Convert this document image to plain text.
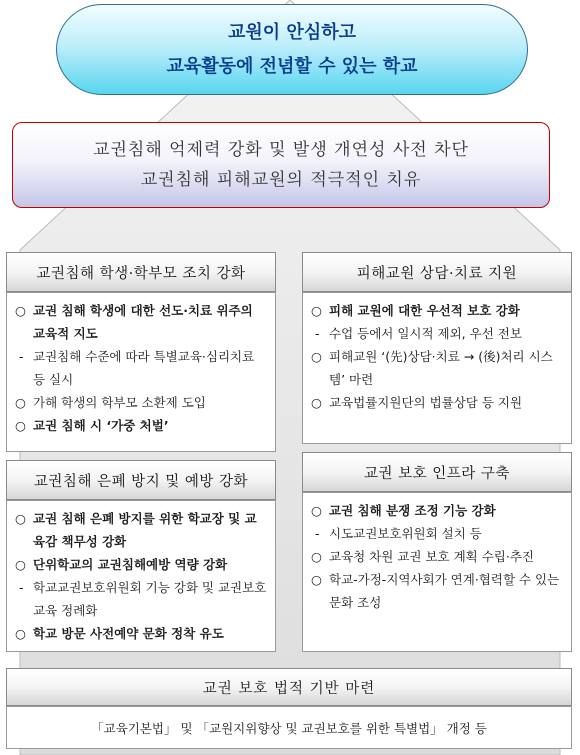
교원이 안심하고
교육활동에 전념할 수 있는 학교
교권침해 억제력 강화 및 발생 개연성 사전 차단
교권침해 피해교원의 적극적인 치유
교권침해 학생·학부모 조치 강화
○ 교권 침해 학생에 대한 선도·치료 위주의 교육적 지도
- 교권침해 수준에 따라 특별교육·심리치료 등 실시
○ 가해 학생의 학부모 소환제 도입
○ 교권 침해 시 ‘가중 처벌’
피해교원 상담·치료 지원
○ 피해 교원에 대한 우선적 보호 강화
- 수업 등에서 일시적 제외, 우선 전보
○ 피해교원 ‘(先)상담·치료 → (後)처리 시스템’ 마련
○ 교육법률지원단의 법률상담 등 지원
교권침해 은폐 방지 및 예방 강화
○ 교권 침해 은폐 방지를 위한 학교장 및 교육감 책무성 강화
○ 단위학교의 교권침해예방 역량 강화
- 학교교권보호위원회 기능 강화 및 교권보호 교육 정례화
○ 학교 방문 사전예약 문화 정착 유도
교권 보호 인프라 구축
○ 교권 침해 분쟁 조정 기능 강화
- 시도교권보호위원회 설치 등
○ 교육청 차원 교권 보호 계획 수립·추진
○ 학교-가정-지역사회가 연계·협력할 수 있는 문화 조성
교권 보호 법적 기반 마련
「교육기본법」 및 「교원지위향상 및 교권보호를 위한 특별법」 개정 등
